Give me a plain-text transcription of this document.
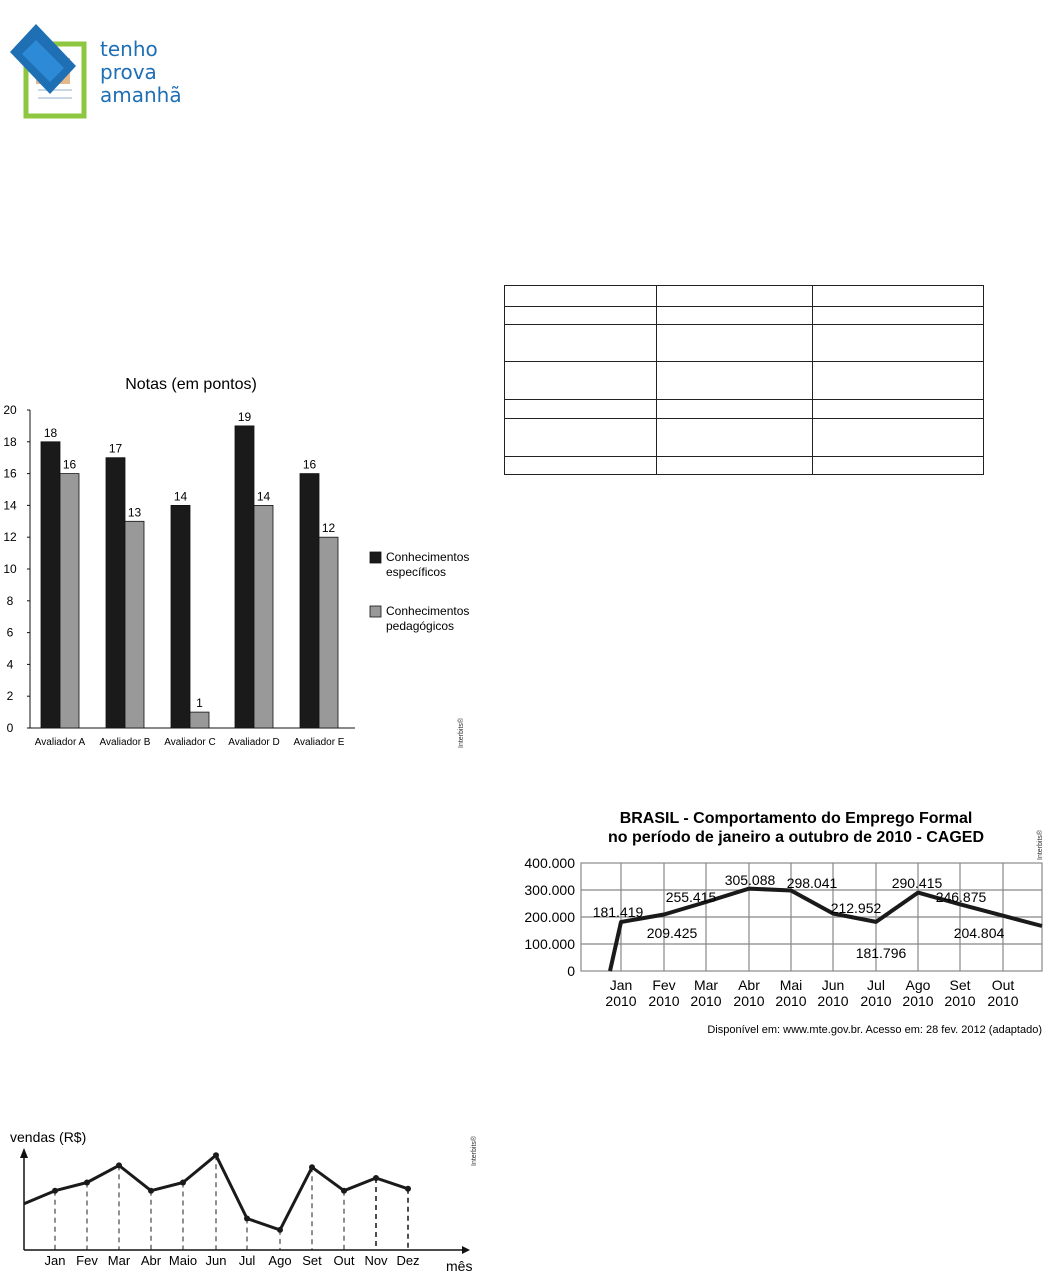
tenho
prova
amanhã

Notas (em pontos)
Interbits®
0
2
4
6
8
10
12
14
16
18
20
18
16
Avaliador A
17
13
Avaliador B
14
1
Avaliador C
19
14
Avaliador D
16
12
Avaliador E
Conhecimentos
específicos
Conhecimentos
pedagógicos
BRASIL - Comportamento do Emprego Formal
no período de janeiro a outubro de 2010 - CAGED	Interbits®
Disponível em: www.mte.gov.br. Acesso em: 28 fev. 2012 (adaptado)
0
100.000
200.000
300.000
400.000
181.419
209.425
255.415
305.088 298.041
212.952
181.796
290.415
246.875
204.804
Jan
2010
Fev
2010
Mar
2010
Abr
2010
Mai
2010
Jun
2010
Jul
2010
Ago
2010
Set
2010
Out
2010
vendas (R$)
mês
Interbits®
Jan Fev Mar Abr Maio Jun Jul Ago Set Out Nov Dez
